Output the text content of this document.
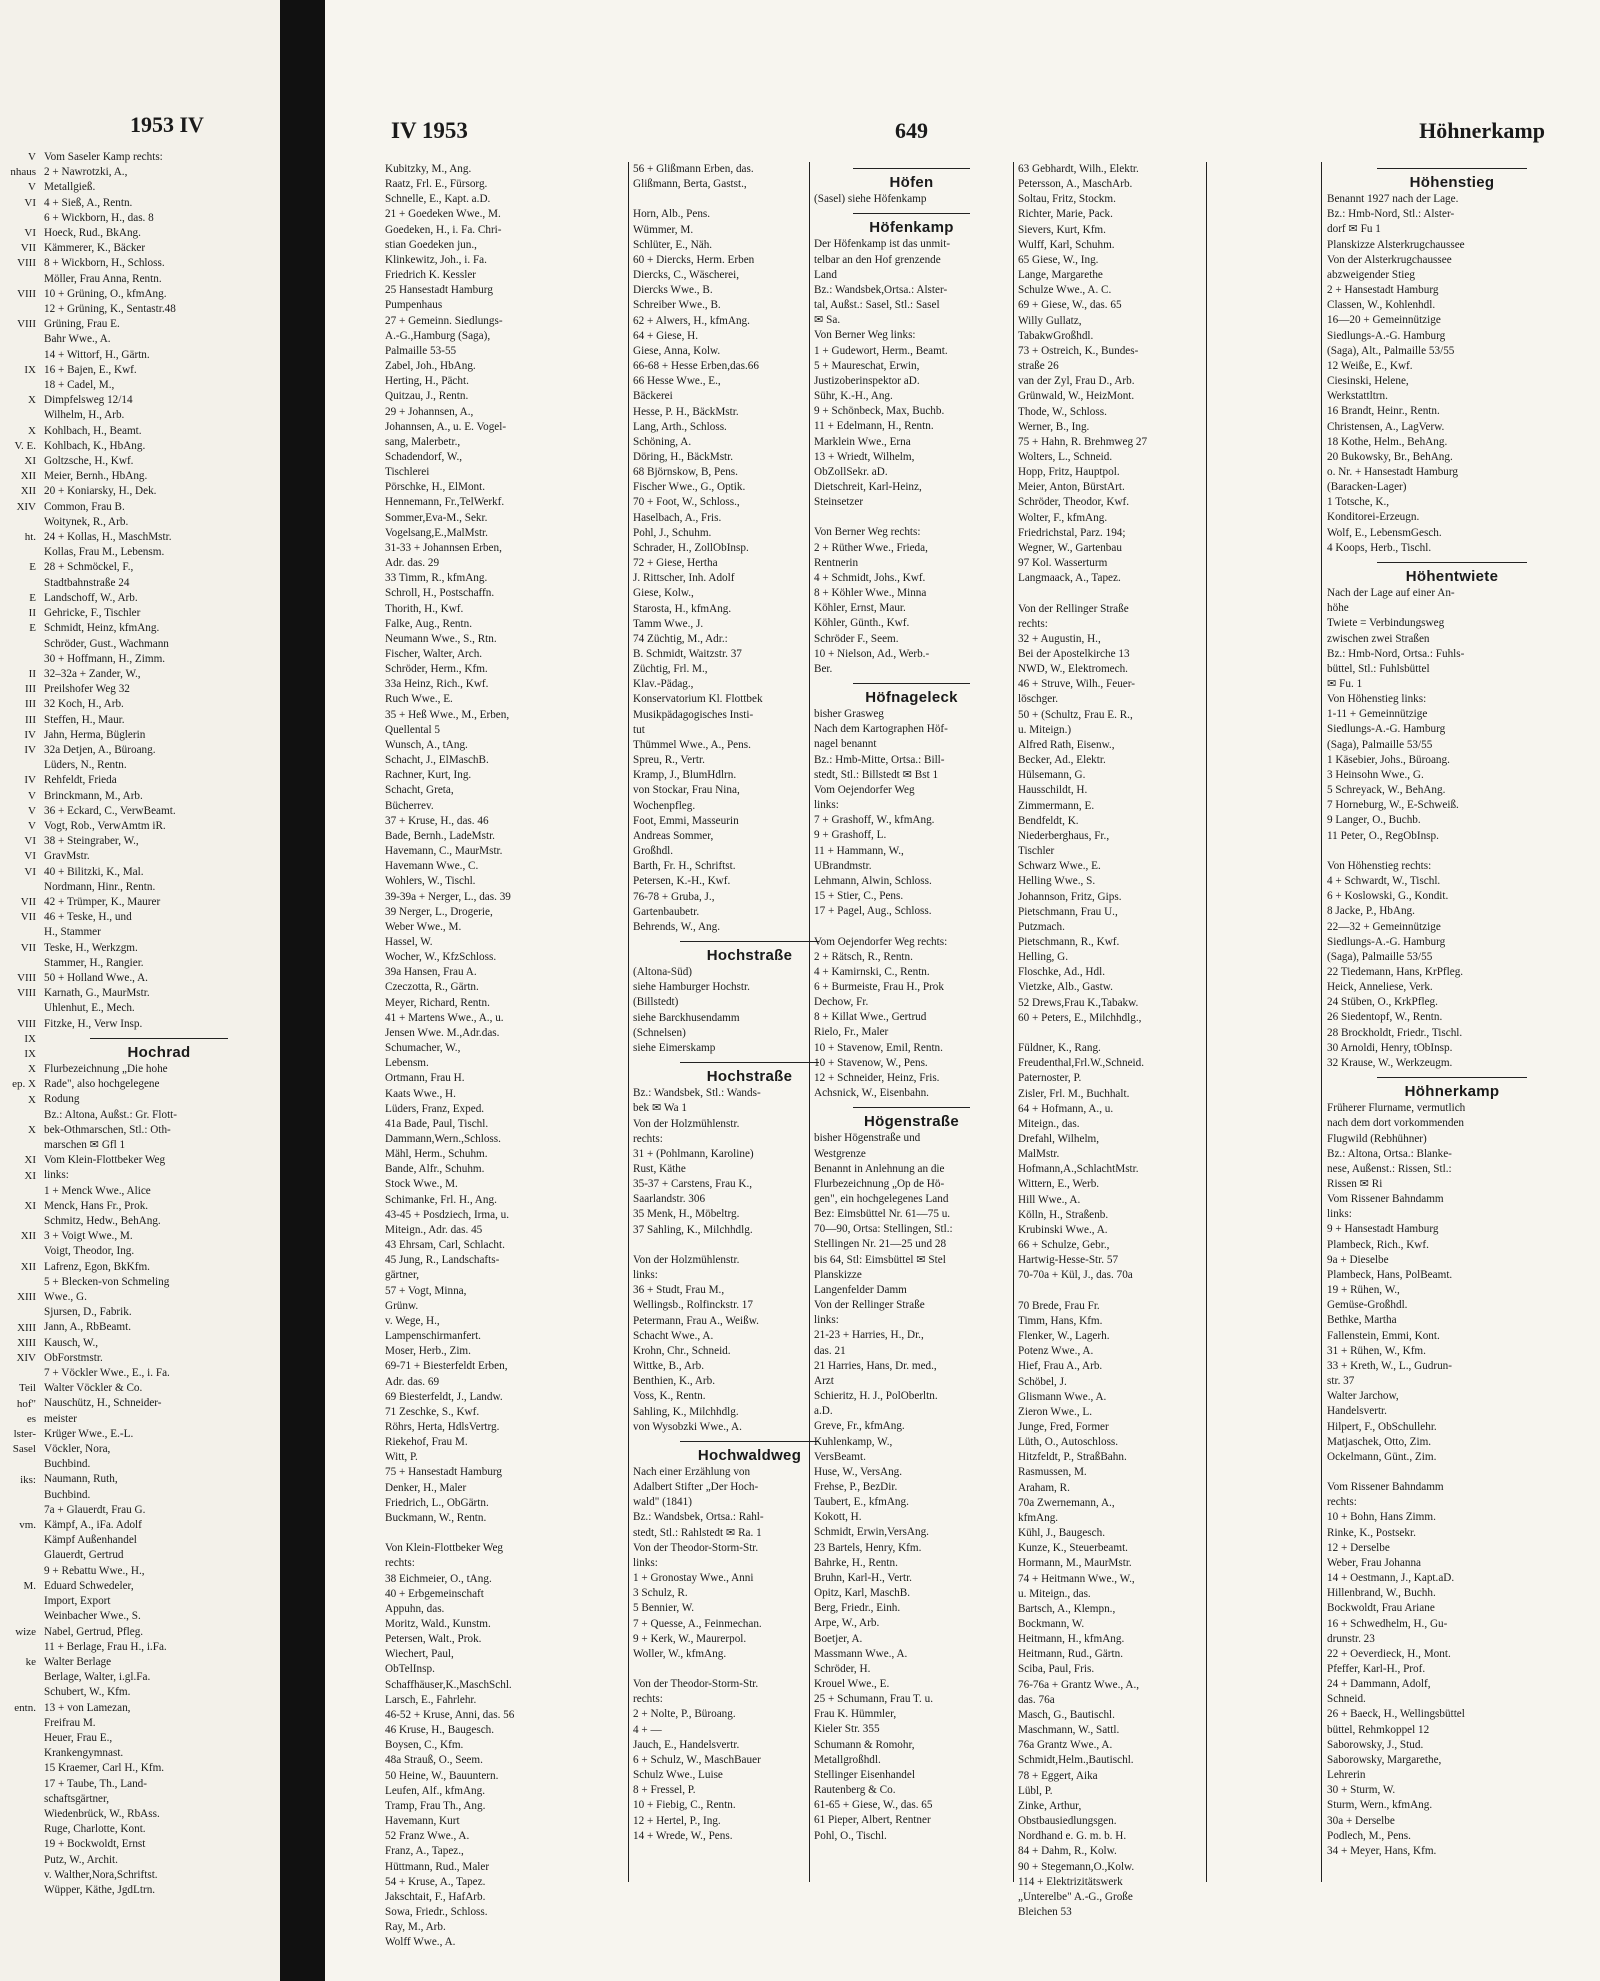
1953 IV
V
nhaus
V
VI

VI
VII
VIII

VIII

VIII

IX

X

X
V. E.
XI
XII
XII
XIV

ht.

E

E
II
E

II
III
III
III
IV
IV

IV
V
V
V
VI
VI
VI

VII
VII

VII

VIII
VIII

VIII
IX
IX
X
ep. X
X

X

XI
XI

XI

XII

XII

XIII

XIII
XIII
XIV

Teil
hof"
es
lster-
Sasel

iks:

vm.

M.

wize

ke

entn.
Vom Saseler Kamp rechts:
2 + Nawrotzki, A.,
Metallgieß.
4 + Sieß, A., Rentn.
6 + Wickborn, H., das. 8
Hoeck, Rud., BkAng.
Kämmerer, K., Bäcker
8 + Wickborn, H., Schloss.
Möller, Frau Anna, Rentn.
10 + Grüning, O., kfmAng.
12 + Grüning, K., Sentastr.48
Grüning, Frau E.
Bahr Wwe., A.
14 + Wittorf, H., Gärtn.
16 + Bajen, E., Kwf.
18 + Cadel, M.,
Dimpfelsweg 12/14
Wilhelm, H., Arb.
Kohlbach, H., Beamt.
Kohlbach, K., HbAng.
Goltzsche, H., Kwf.
Meier, Bernh., HbAng.
20 + Koniarsky, H., Dek.
Common, Frau B.
Woitynek, R., Arb.
24 + Kollas, H., MaschMstr.
Kollas, Frau M., Lebensm.
28 + Schmöckel, F.,
Stadtbahnstraße 24
Landschoff, W., Arb.
Gehricke, F., Tischler
Schmidt, Heinz, kfmAng.
Schröder, Gust., Wachmann
30 + Hoffmann, H., Zimm.
32–32a + Zander, W.,
Preilshofer Weg 32
32 Koch, H., Arb.
Steffen, H., Maur.
Jahn, Herma, Büglerin
32a Detjen, A., Büroang.
Lüders, N., Rentn.
Rehfeldt, Frieda
Brinckmann, M., Arb.
36 + Eckard, C., VerwBeamt.
Vogt, Rob., VerwAmtm iR.
38 + Steingraber, W.,
GravMstr.
40 + Bilitzki, K., Mal.
Nordmann, Hinr., Rentn.
42 + Trümper, K., Maurer
46 + Teske, H., und
H., Stammer
Teske, H., Werkzgm.
Stammer, H., Rangier.
50 + Holland Wwe., A.
Karnath, G., MaurMstr.
Uhlenhut, E., Mech.
Fitzke, H., Verw Insp.
Hochrad
Flurbezeichnung „Die hohe
Rade", also hochgelegene
Rodung
Bz.: Altona, Außst.: Gr. Flott-
bek-Othmarschen, Stl.: Oth-
marschen ✉ Gfl 1
Vom Klein-Flottbeker Weg
links:
1 + Menck Wwe., Alice
Menck, Hans Fr., Prok.
Schmitz, Hedw., BehAng.
3 + Voigt Wwe., M.
Voigt, Theodor, Ing.
Lafrenz, Egon, BkKfm.
5 + Blecken-von Schmeling
Wwe., G.
Sjursen, D., Fabrik.
Jann, A., RbBeamt.
Kausch, W.,
ObForstmstr.
7 + Vöckler Wwe., E., i. Fa.
Walter Vöckler & Co.
Nauschütz, H., Schneider-
meister
Krüger Wwe., E.-L.
Vöckler, Nora,
Buchbind.
Naumann, Ruth,
Buchbind.
7a + Glauerdt, Frau G.
Kämpf, A., iFa. Adolf
Kämpf Außenhandel
Glauerdt, Gertrud
9 + Rebattu Wwe., H.,
Eduard Schwedeler,
Import, Export
Weinbacher Wwe., S.
Nabel, Gertrud, Pfleg.
11 + Berlage, Frau H., i.Fa.
Walter Berlage
Berlage, Walter, i.gl.Fa.
Schubert, W., Kfm.
13 + von Lamezan,
Freifrau M.
Heuer, Frau E.,
Krankengymnast.
15 Kraemer, Carl H., Kfm.
17 + Taube, Th., Land-
schaftsgärtner,
Wiedenbrück, W., RbAss.
Ruge, Charlotte, Kont.
19 + Bockwoldt, Ernst
Putz, W., Archit.
v. Walther,Nora,Schriftst.
Wüpper, Käthe, JgdLtrn.
IV 1953	649	Höhnerkamp
Kubitzky, M., Ang.
Raatz, Frl. E., Fürsorg.
Schnelle, E., Kapt. a.D.
21 + Goedeken Wwe., M.
Goedeken, H., i. Fa. Chri-
stian Goedeken jun.,
Klinkewitz, Joh., i. Fa.
Friedrich K. Kessler
25 Hansestadt Hamburg
Pumpenhaus
27 + Gemeinn. Siedlungs-
A.-G.,Hamburg (Saga),
Palmaille 53-55
Zabel, Joh., HbAng.
Herting, H., Pächt.
Quitzau, J., Rentn.
29 + Johannsen, A.,
Johannsen, A., u. E. Vogel-
sang, Malerbetr.,
Schadendorf, W.,
Tischlerei
Pörschke, H., ElMont.
Hennemann, Fr.,TelWerkf.
Sommer,Eva-M., Sekr.
Vogelsang,E.,MalMstr.
31-33 + Johannsen Erben,
Adr. das. 29
33 Timm, R., kfmAng.
Schroll, H., Postschaffn.
Thorith, H., Kwf.
Falke, Aug., Rentn.
Neumann Wwe., S., Rtn.
Fischer, Walter, Arch.
Schröder, Herm., Kfm.
33a Heinz, Rich., Kwf.
Ruch Wwe., E.
35 + Heß Wwe., M., Erben,
Quellental 5
Wunsch, A., tAng.
Schacht, J., ElMaschB.
Rachner, Kurt, Ing.
Schacht, Greta,
Bücherrev.
37 + Kruse, H., das. 46
Bade, Bernh., LadeMstr.
Havemann, C., MaurMstr.
Havemann Wwe., C.
Wohlers, W., Tischl.
39-39a + Nerger, L., das. 39
39 Nerger, L., Drogerie,
Weber Wwe., M.
Hassel, W.
Wocher, W., KfzSchloss.
39a Hansen, Frau A.
Czeczotta, R., Gärtn.
Meyer, Richard, Rentn.
41 + Martens Wwe., A., u.
Jensen Wwe. M.,Adr.das.
Schumacher, W.,
Lebensm.
Ortmann, Frau H.
Kaats Wwe., H.
Lüders, Franz, Exped.
41a Bade, Paul, Tischl.
Dammann,Wern.,Schloss.
Mähl, Herm., Schuhm.
Bande, Alfr., Schuhm.
Stock Wwe., M.
Schimanke, Frl. H., Ang.
43-45 + Posdziech, Irma, u.
Miteign., Adr. das. 45
43 Ehrsam, Carl, Schlacht.
45 Jung, R., Landschafts-
gärtner,
57 + Vogt, Minna,
Grünw.
v. Wege, H.,
Lampenschirmanfert.
Moser, Herb., Zim.
69-71 + Biesterfeldt Erben,
Adr. das. 69
69 Biesterfeldt, J., Landw.
71 Zeschke, S., Kwf.
Röhrs, Herta, HdlsVertrg.
Riekehof, Frau M.
Witt, P.
75 + Hansestadt Hamburg
Denker, H., Maler
Friedrich, L., ObGärtn.
Buckmann, W., Rentn.

Von Klein-Flottbeker Weg
rechts:
38 Eichmeier, O., tAng.
40 + Erbgemeinschaft
Appuhn, das.
Moritz, Wald., Kunstm.
Petersen, Walt., Prok.
Wiechert, Paul,
ObTelInsp.
Schaffhäuser,K.,MaschSchl.
Larsch, E., Fahrlehr.
46-52 + Kruse, Anni, das. 56
46 Kruse, H., Baugesch.
Boysen, C., Kfm.
48a Strauß, O., Seem.
50 Heine, W., Bauuntern.
Leufen, Alf., kfmAng.
Tramp, Frau Th., Ang.
Havemann, Kurt
52 Franz Wwe., A.
Franz, A., Tapez.,
Hüttmann, Rud., Maler
54 + Kruse, A., Tapez.
Jakschtait, F., HafArb.
Sowa, Friedr., Schloss.
Ray, M., Arb.
Wolff Wwe., A.
56 + Glißmann Erben, das.
Glißmann, Berta, Gastst.,

Horn, Alb., Pens.
Wümmer, M.
Schlüter, E., Näh.
60 + Diercks, Herm. Erben
Diercks, C., Wäscherei,
Diercks Wwe., B.
Schreiber Wwe., B.
62 + Alwers, H., kfmAng.
64 + Giese, H.
Giese, Anna, Kolw.
66-68 + Hesse Erben,das.66
66 Hesse Wwe., E.,
Bäckerei
Hesse, P. H., BäckMstr.
Lang, Arth., Schloss.
Schöning, A.
Döring, H., BäckMstr.
68 Björnskow, B, Pens.
Fischer Wwe., G., Optik.
70 + Foot, W., Schloss.,
Haselbach, A., Fris.
Pohl, J., Schuhm.
Schrader, H., ZollObInsp.
72 + Giese, Hertha
J. Rittscher, Inh. Adolf
Giese, Kolw.,
Starosta, H., kfmAng.
Tamm Wwe., J.
74 Züchtig, M., Adr.:
B. Schmidt, Waitzstr. 37
Züchtig, Frl. M.,
Klav.-Pädag.,
Konservatorium Kl. Flottbek
Musikpädagogisches Insti-
tut
Thümmel Wwe., A., Pens.
Spreu, R., Vertr.
Kramp, J., BlumHdlrn.
von Stockar, Frau Nina,
Wochenpfleg.
Foot, Emmi, Masseurin
Andreas Sommer,
Großhdl.
Barth, Fr. H., Schriftst.
Petersen, K.-H., Kwf.
76-78 + Gruba, J.,
Gartenbaubetr.
Behrends, W., Ang.
Hochstraße
(Altona-Süd)
siehe Hamburger Hochstr.
(Billstedt)
siehe Barckhusendamm
(Schnelsen)
siehe Eimerskamp
Hochstraße
Bz.: Wandsbek, Stl.: Wands-
bek ✉ Wa 1
Von der Holzmühlenstr.
rechts:
31 + (Pohlmann, Karoline)
Rust, Käthe
35-37 + Carstens, Frau K.,
Saarlandstr. 306
35 Menk, H., Möbeltrg.
37 Sahling, K., Milchhdlg.

Von der Holzmühlenstr.
links:
36 + Studt, Frau M.,
Wellingsb., Rolfinckstr. 17
Petermann, Frau A., Weißw.
Schacht Wwe., A.
Krohn, Chr., Schneid.
Wittke, B., Arb.
Benthien, K., Arb.
Voss, K., Rentn.
Sahling, K., Milchhdlg.
von Wysobzki Wwe., A.
Hochwaldweg
Nach einer Erzählung von
Adalbert Stifter „Der Hoch-
wald" (1841)
Bz.: Wandsbek, Ortsa.: Rahl-
stedt, Stl.: Rahlstedt ✉ Ra. 1
Von der Theodor-Storm-Str.
links:
1 + Gronostay Wwe., Anni
3 Schulz, R.
5 Bennier, W.
7 + Quesse, A., Feinmechan.
9 + Kerk, W., Maurerpol.
Woller, W., kfmAng.

Von der Theodor-Storm-Str.
rechts:
2 + Nolte, P., Büroang.
4 + —
Jauch, E., Handelsvertr.
6 + Schulz, W., MaschBauer
Schulz Wwe., Luise
8 + Fressel, P.
10 + Fiebig, C., Rentn.
12 + Hertel, P., Ing.
14 + Wrede, W., Pens.
Höfen
(Sasel) siehe Höfenkamp
Höfenkamp
Der Höfenkamp ist das unmit-
telbar an den Hof grenzende
Land
Bz.: Wandsbek,Ortsa.: Alster-
tal, Außst.: Sasel, Stl.: Sasel
✉ Sa.
Von Berner Weg links:
1 + Gudewort, Herm., Beamt.
5 + Maureschat, Erwin,
Justizoberinspektor aD.
Sühr, K.-H., Ang.
9 + Schönbeck, Max, Buchb.
11 + Edelmann, H., Rentn.
Marklein Wwe., Erna
13 + Wriedt, Wilhelm,
ObZollSekr. aD.
Dietschreit, Karl-Heinz,
Steinsetzer

Von Berner Weg rechts:
2 + Rüther Wwe., Frieda,
Rentnerin
4 + Schmidt, Johs., Kwf.
8 + Köhler Wwe., Minna
Köhler, Ernst, Maur.
Köhler, Günth., Kwf.
Schröder F., Seem.
10 + Nielson, Ad., Werb.-
Ber.
Höfnageleck
bisher Grasweg
Nach dem Kartographen Höf-
nagel benannt
Bz.: Hmb-Mitte, Ortsa.: Bill-
stedt, Stl.: Billstedt ✉ Bst 1
Vom Oejendorfer Weg
links:
7 + Grashoff, W., kfmAng.
9 + Grashoff, L.
11 + Hammann, W.,
UBrandmstr.
Lehmann, Alwin, Schloss.
15 + Stier, C., Pens.
17 + Pagel, Aug., Schloss.

Vom Oejendorfer Weg rechts:
2 + Rätsch, R., Rentn.
4 + Kamirnski, C., Rentn.
6 + Burmeiste, Frau H., Prok
Dechow, Fr.
8 + Killat Wwe., Gertrud
Rielo, Fr., Maler
10 + Stavenow, Emil, Rentn.
10 + Stavenow, W., Pens.
12 + Schneider, Heinz, Fris.
Achsnick, W., Eisenbahn.
Högenstraße
bisher Högenstraße und
Westgrenze
Benannt in Anlehnung an die
Flurbezeichnung „Op de Hö-
gen", ein hochgelegenes Land
Bez: Eimsbüttel Nr. 61—75 u.
70—90, Ortsa: Stellingen, Stl.:
Stellingen Nr. 21—25 und 28
bis 64, Stl: Eimsbüttel ✉ Stel
Planskizze
Langenfelder Damm
Von der Rellinger Straße
links:
21-23 + Harries, H., Dr.,
das. 21
21 Harries, Hans, Dr. med.,
Arzt
Schieritz, H. J., PolOberltn.
a.D.
Greve, Fr., kfmAng.
Kuhlenkamp, W.,
VersBeamt.
Huse, W., VersAng.
Frehse, P., BezDir.
Taubert, E., kfmAng.
Kokott, H.
Schmidt, Erwin,VersAng.
23 Bartels, Henry, Kfm.
Bahrke, H., Rentn.
Bruhn, Karl-H., Vertr.
Opitz, Karl, MaschB.
Berg, Friedr., Einh.
Arpe, W., Arb.
Boetjer, A.
Massmann Wwe., A.
Schröder, H.
Krouel Wwe., E.
25 + Schumann, Frau T. u.
Frau K. Hümmler,
Kieler Str. 355
Schumann & Romohr,
Metallgroßhdl.
Stellinger Eisenhandel
Rautenberg & Co.
61-65 + Giese, W., das. 65
61 Pieper, Albert, Rentner
Pohl, O., Tischl.
63 Gebhardt, Wilh., Elektr.
Petersson, A., MaschArb.
Soltau, Fritz, Stockm.
Richter, Marie, Pack.
Sievers, Kurt, Kfm.
Wulff, Karl, Schuhm.
65 Giese, W., Ing.
Lange, Margarethe
Schulze Wwe., A. C.
69 + Giese, W., das. 65
Willy Gullatz,
TabakwGroßhdl.
73 + Ostreich, K., Bundes-
straße 26
van der Zyl, Frau D., Arb.
Grünwald, W., HeizMont.
Thode, W., Schloss.
Werner, B., Ing.
75 + Hahn, R. Brehmweg 27
Wolters, L., Schneid.
Hopp, Fritz, Hauptpol.
Meier, Anton, BürstArt.
Schröder, Theodor, Kwf.
Wolter, F., kfmAng.
Friedrichstal, Parz. 194;
Wegner, W., Gartenbau
97 Kol. Wasserturm
Langmaack, A., Tapez.

Von der Rellinger Straße
rechts:
32 + Augustin, H.,
Bei der Apostelkirche 13
NWD, W., Elektromech.
46 + Struve, Wilh., Feuer-
löschger.
50 + (Schultz, Frau E. R.,
u. Miteign.)
Alfred Rath, Eisenw.,
Becker, Ad., Elektr.
Hülsemann, G.
Hausschildt, H.
Zimmermann, E.
Bendfeldt, K.
Niederberghaus, Fr.,
Tischler
Schwarz Wwe., E.
Helling Wwe., S.
Johannson, Fritz, Gips.
Pietschmann, Frau U.,
Putzmach.
Pietschmann, R., Kwf.
Helling, G.
Floschke, Ad., Hdl.
Vietzke, Alb., Gastw.
52 Drews,Frau K.,Tabakw.
60 + Peters, E., Milchhdlg.,

Füldner, K., Rang.
Freudenthal,Frl.W.,Schneid.
Paternoster, P.
Zisler, Frl. M., Buchhalt.
64 + Hofmann, A., u.
Miteign., das.
Drefahl, Wilhelm,
MalMstr.
Hofmann,A.,SchlachtMstr.
Wittern, E., Werb.
Hill Wwe., A.
Kölln, H., Straßenb.
Krubinski Wwe., A.
66 + Schulze, Gebr.,
Hartwig-Hesse-Str. 57
70-70a + Kül, J., das. 70a

70 Brede, Frau Fr.
Timm, Hans, Kfm.
Flenker, W., Lagerh.
Potenz Wwe., A.
Hief, Frau A., Arb.
Schöbel, J.
Glismann Wwe., A.
Zieron Wwe., L.
Junge, Fred, Former
Lüth, O., Autoschloss.
Hitzfeldt, P., StraßBahn.
Rasmussen, M.
Araham, R.
70a Zwernemann, A.,
kfmAng.
Kühl, J., Baugesch.
Kunze, K., Steuerbeamt.
Hormann, M., MaurMstr.
74 + Heitmann Wwe., W.,
u. Miteign., das.
Bartsch, A., Klempn.,
Bockmann, W.
Heitmann, H., kfmAng.
Heitmann, Rud., Gärtn.
Sciba, Paul, Fris.
76-76a + Grantz Wwe., A.,
das. 76a
Masch, G., Bautischl.
Maschmann, W., Sattl.
76a Grantz Wwe., A.
Schmidt,Helm.,Bautischl.
78 + Eggert, Aika
Lübl, P.
Zinke, Arthur,
Obstbausiedlungsgen.
Nordhand e. G. m. b. H.
84 + Dahm, R., Kolw.
90 + Stegemann,O.,Kolw.
114 + Elektrizitätswerk
„Unterelbe" A.-G., Große
Bleichen 53
Höhenstieg
Benannt 1927 nach der Lage.
Bz.: Hmb-Nord, Stl.: Alster-
dorf ✉ Fu 1
Planskizze Alsterkrugchaussee
Von der Alsterkrugchaussee
abzweigender Stieg
2 + Hansestadt Hamburg
Classen, W., Kohlenhdl.
16—20 + Gemeinnützige
Siedlungs-A.-G. Hamburg
(Saga), Alt., Palmaille 53/55
12 Weiße, E., Kwf.
Ciesinski, Helene,
Werkstattltrn.
16 Brandt, Heinr., Rentn.
Christensen, A., LagVerw.
18 Kothe, Helm., BehAng.
20 Bukowsky, Br., BehAng.
o. Nr. + Hansestadt Hamburg
(Baracken-Lager)
1 Totsche, K.,
Konditorei-Erzeugn.
Wolf, E., LebensmGesch.
4 Koops, Herb., Tischl.
Höhentwiete
Nach der Lage auf einer An-
höhe
Twiete = Verbindungsweg
zwischen zwei Straßen
Bz.: Hmb-Nord, Ortsa.: Fuhls-
büttel, Stl.: Fuhlsbüttel
✉ Fu. 1
Von Höhenstieg links:
1-11 + Gemeinnützige
Siedlungs-A.-G. Hamburg
(Saga), Palmaille 53/55
1 Käsebier, Johs., Büroang.
3 Heinsohn Wwe., G.
5 Schreyack, W., BehAng.
7 Horneburg, W., E-Schweiß.
9 Langer, O., Buchb.
11 Peter, O., RegObInsp.

Von Höhenstieg rechts:
4 + Schwardt, W., Tischl.
6 + Koslowski, G., Kondit.
8 Jacke, P., HbAng.
22—32 + Gemeinnützige
Siedlungs-A.-G. Hamburg
(Saga), Palmaille 53/55
22 Tiedemann, Hans, KrPfleg.
Heick, Anneliese, Verk.
24 Stüben, O., KrkPfleg.
26 Siedentopf, W., Rentn.
28 Brockholdt, Friedr., Tischl.
30 Arnoldi, Henry, tObInsp.
32 Krause, W., Werkzeugm.
Höhnerkamp
Früherer Flurname, vermutlich
nach dem dort vorkommenden
Flugwild (Rebhühner)
Bz.: Altona, Ortsa.: Blanke-
nese, Außenst.: Rissen, Stl.:
Rissen ✉ Ri
Vom Rissener Bahndamm
links:
9 + Hansestadt Hamburg
Plambeck, Rich., Kwf.
9a + Dieselbe
Plambeck, Hans, PolBeamt.
19 + Rühen, W.,
Gemüse-Großhdl.
Bethke, Martha
Fallenstein, Emmi, Kont.
31 + Rühen, W., Kfm.
33 + Kreth, W., L., Gudrun-
str. 37
Walter Jarchow,
Handelsvertr.
Hilpert, F., ObSchullehr.
Matjaschek, Otto, Zim.
Ockelmann, Günt., Zim.

Vom Rissener Bahndamm
rechts:
10 + Bohn, Hans Zimm.
Rinke, K., Postsekr.
12 + Derselbe
Weber, Frau Johanna
14 + Oestmann, J., Kapt.aD.
Hillenbrand, W., Buchh.
Bockwoldt, Frau Ariane
16 + Schwedhelm, H., Gu-
drunstr. 23
22 + Oeverdieck, H., Mont.
Pfeffer, Karl-H., Prof.
24 + Dammann, Adolf,
Schneid.
26 + Baeck, H., Wellingsbüttel
büttel, Rehmkoppel 12
Saborowsky, J., Stud.
Saborowsky, Margarethe,
Lehrerin
30 + Sturm, W.
Sturm, Wern., kfmAng.
30a + Derselbe
Podlech, M., Pens.
34 + Meyer, Hans, Kfm.
